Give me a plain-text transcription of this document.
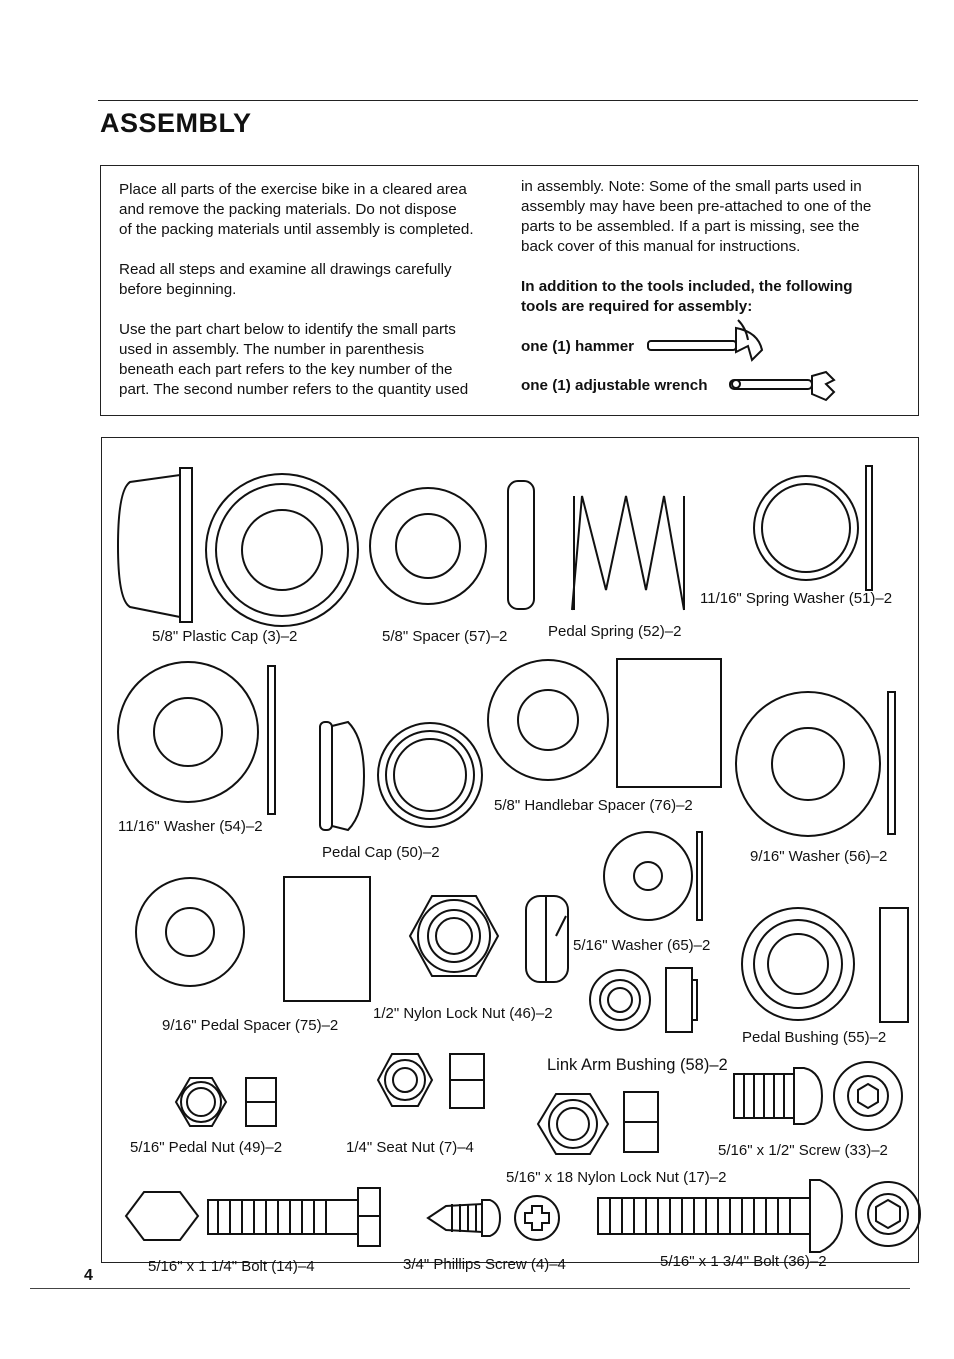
ASSEMBLY
Place all parts of the exercise bike in a cleared area
and remove the packing materials. Do not dispose
of the packing materials until assembly is completed.
Read all steps and examine all drawings carefully
before beginning.
Use the part chart below to identify the small parts
used in assembly. The number in parenthesis
beneath each part refers to the key number of the
part. The second number refers to the quantity used
in assembly. Note: Some of the small parts used in
assembly may have been pre-attached to one of the
parts to be assembled. If a part is missing, see the
back cover of this manual for instructions.
In addition to the tools included, the following
tools are required for assembly:
one (1) hammer
one (1) adjustable wrench
5/8" Plastic Cap (3)–2	5/8" Spacer (57)–2	Pedal Spring (52)–2
11/16" Spring Washer (51)–2
11/16" Washer (54)–2
Pedal Cap (50)–2
5/8" Handlebar Spacer (76)–2
9/16" Washer (56)–2
5/16" Washer (65)–2
9/16" Pedal Spacer (75)–2
1/2" Nylon Lock Nut (46)–2
Pedal Bushing (55)–2
Link Arm Bushing (58)–2
5/16" Pedal Nut (49)–2	1/4" Seat Nut (7)–4	5/16" x 1/2" Screw (33)–2
5/16" x 18 Nylon Lock Nut (17)–2
5/16" x 1 1/4" Bolt (14)–4	3/4" Phillips Screw (4)–4	5/16" x 1 3/4" Bolt (36)–2
4
